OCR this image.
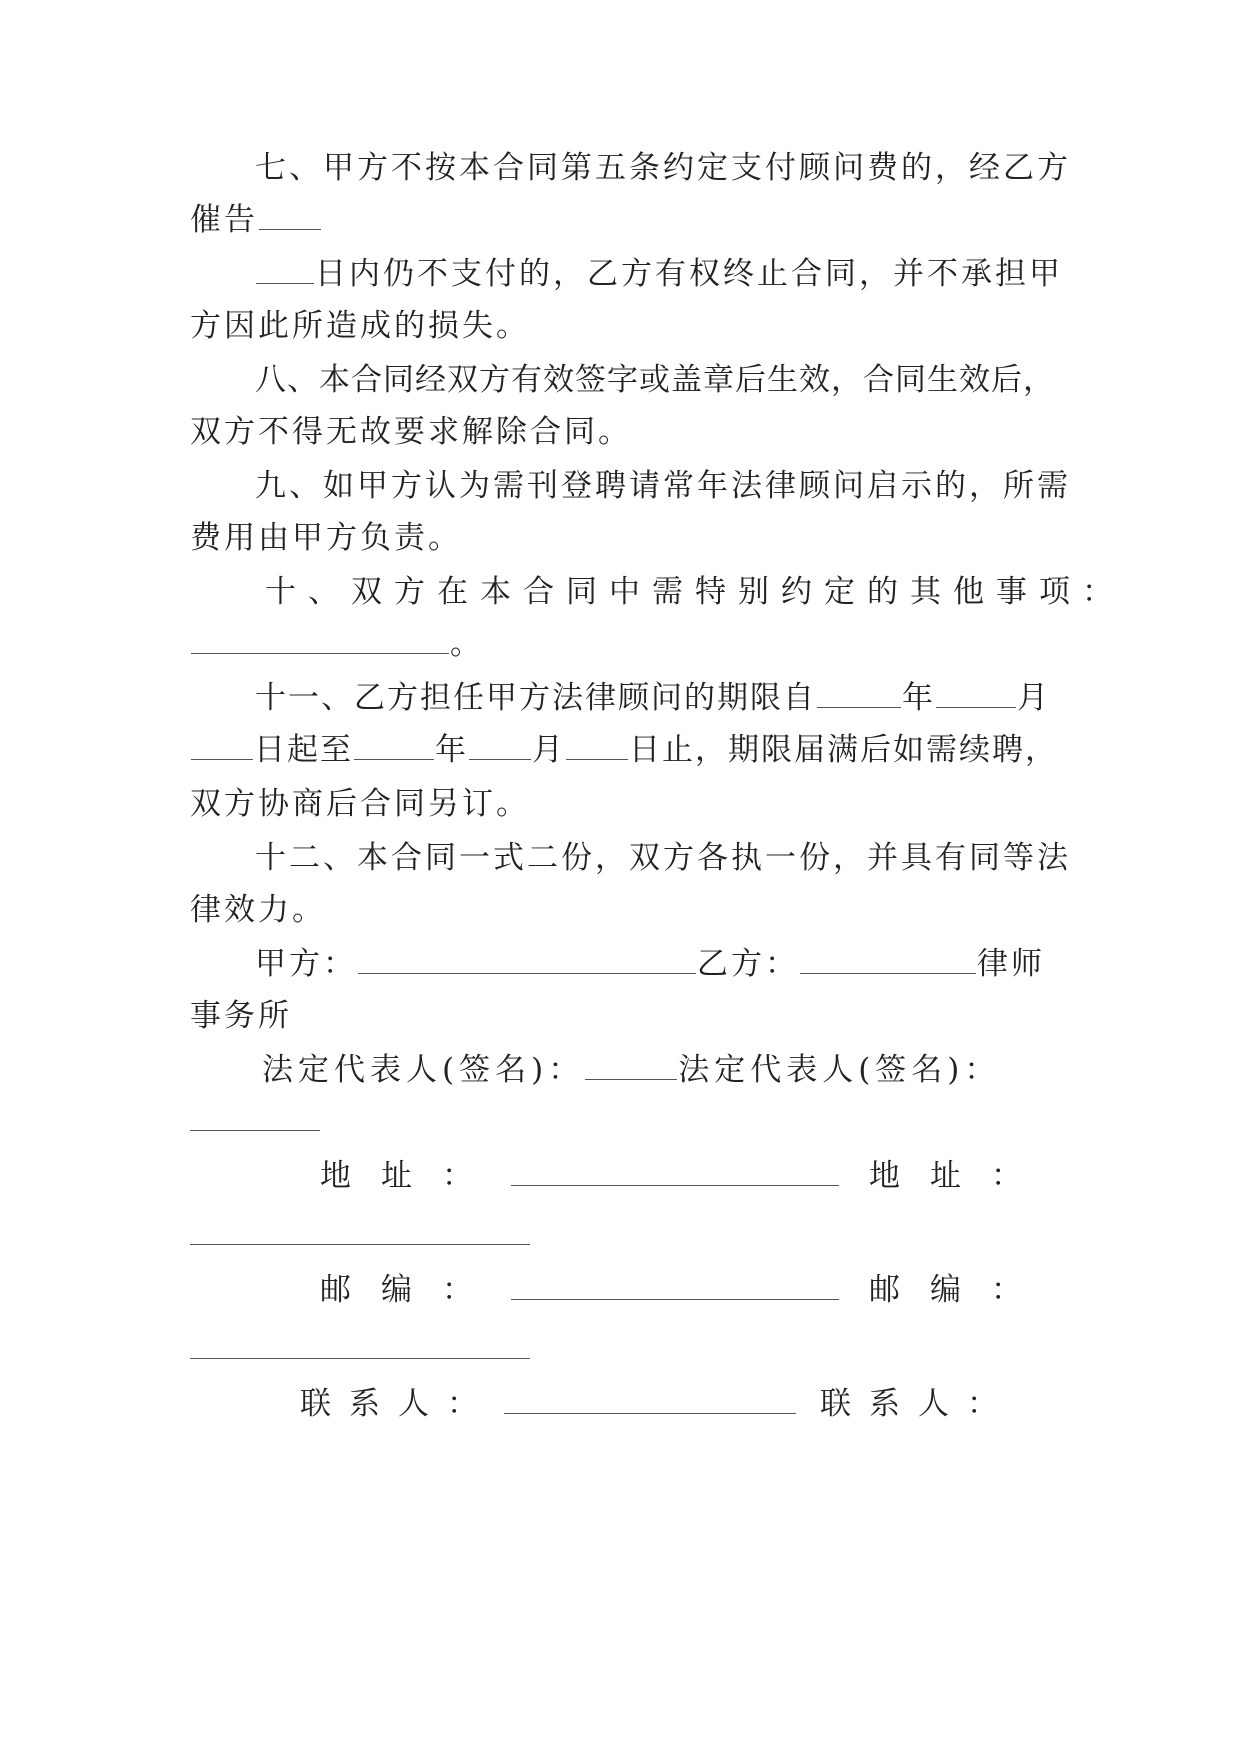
七、甲方不按本合同第五条约定支付顾问费的，经乙方
催告
日内仍不支付的，乙方有权终止合同，并不承担甲
方因此所造成的损失。
八、本合同经双方有效签字或盖章后生效，合同生效后，
双方不得无故要求解除合同。
九、如甲方认为需刊登聘请常年法律顾问启示的，所需
费用由甲方负责。
十、双方在本合同中需特别约定的其他事项：
。
十一、乙方担任甲方法律顾问的期限自	年	月
日起至	年 月 日止，期限届满后如需续聘，
双方协商后合同另订。
十二、本合同一式二份，双方各执一份，并具有同等法
律效力。
甲方：	乙方：	律师
事务所
法定代表人(签名)：	法定代表人(签名)：
地址：	地址：
邮编：	邮编：
联系人：	联系人：
